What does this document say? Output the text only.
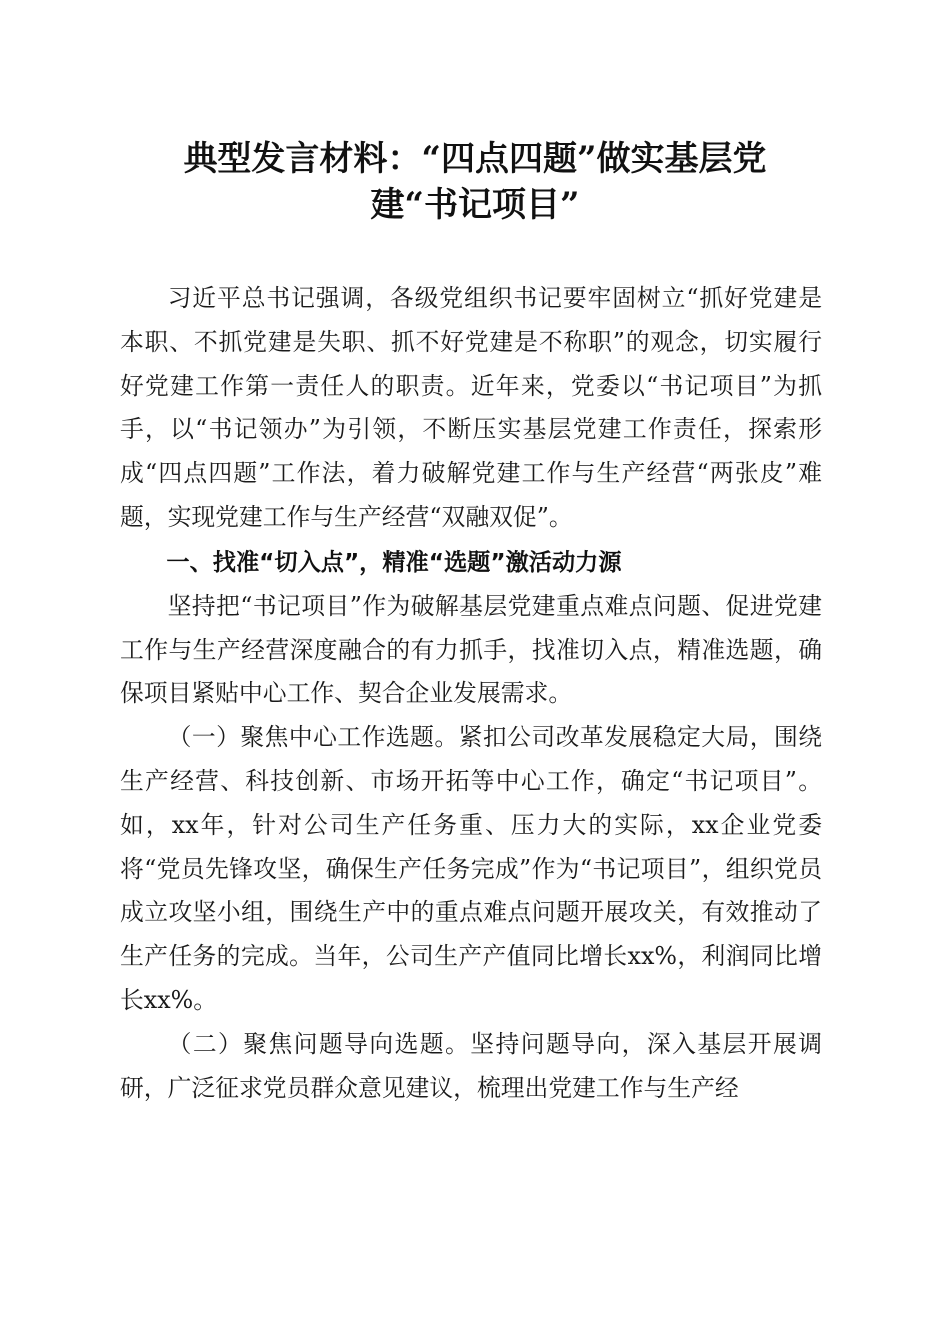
典型发言材料：“四点四题”做实基层党
建“书记项目”

习近平总书记强调，各级党组织书记要牢固树立“抓好党建是本职、不抓党建是失职、抓不好党建是不称职”的观念，切实履行好党建工作第一责任人的职责。近年来，党委以“书记项目”为抓手，以“书记领办”为引领，不断压实基层党建工作责任，探索形成“四点四题”工作法，着力破解党建工作与生产经营“两张皮”难题，实现党建工作与生产经营“双融双促”。

一、找准“切入点”，精准“选题”激活动力源

坚持把“书记项目”作为破解基层党建重点难点问题、促进党建工作与生产经营深度融合的有力抓手，找准切入点，精准选题，确保项目紧贴中心工作、契合企业发展需求。

（一）聚焦中心工作选题。紧扣公司改革发展稳定大局，围绕生产经营、科技创新、市场开拓等中心工作，确定“书记项目”。如，xx年，针对公司生产任务重、压力大的实际，xx企业党委将“党员先锋攻坚，确保生产任务完成”作为“书记项目”，组织党员成立攻坚小组，围绕生产中的重点难点问题开展攻关，有效推动了生产任务的完成。当年，公司生产产值同比增长xx%，利润同比增长xx%。

（二）聚焦问题导向选题。坚持问题导向，深入基层开展调研，广泛征求党员群众意见建议，梳理出党建工作与生产经
